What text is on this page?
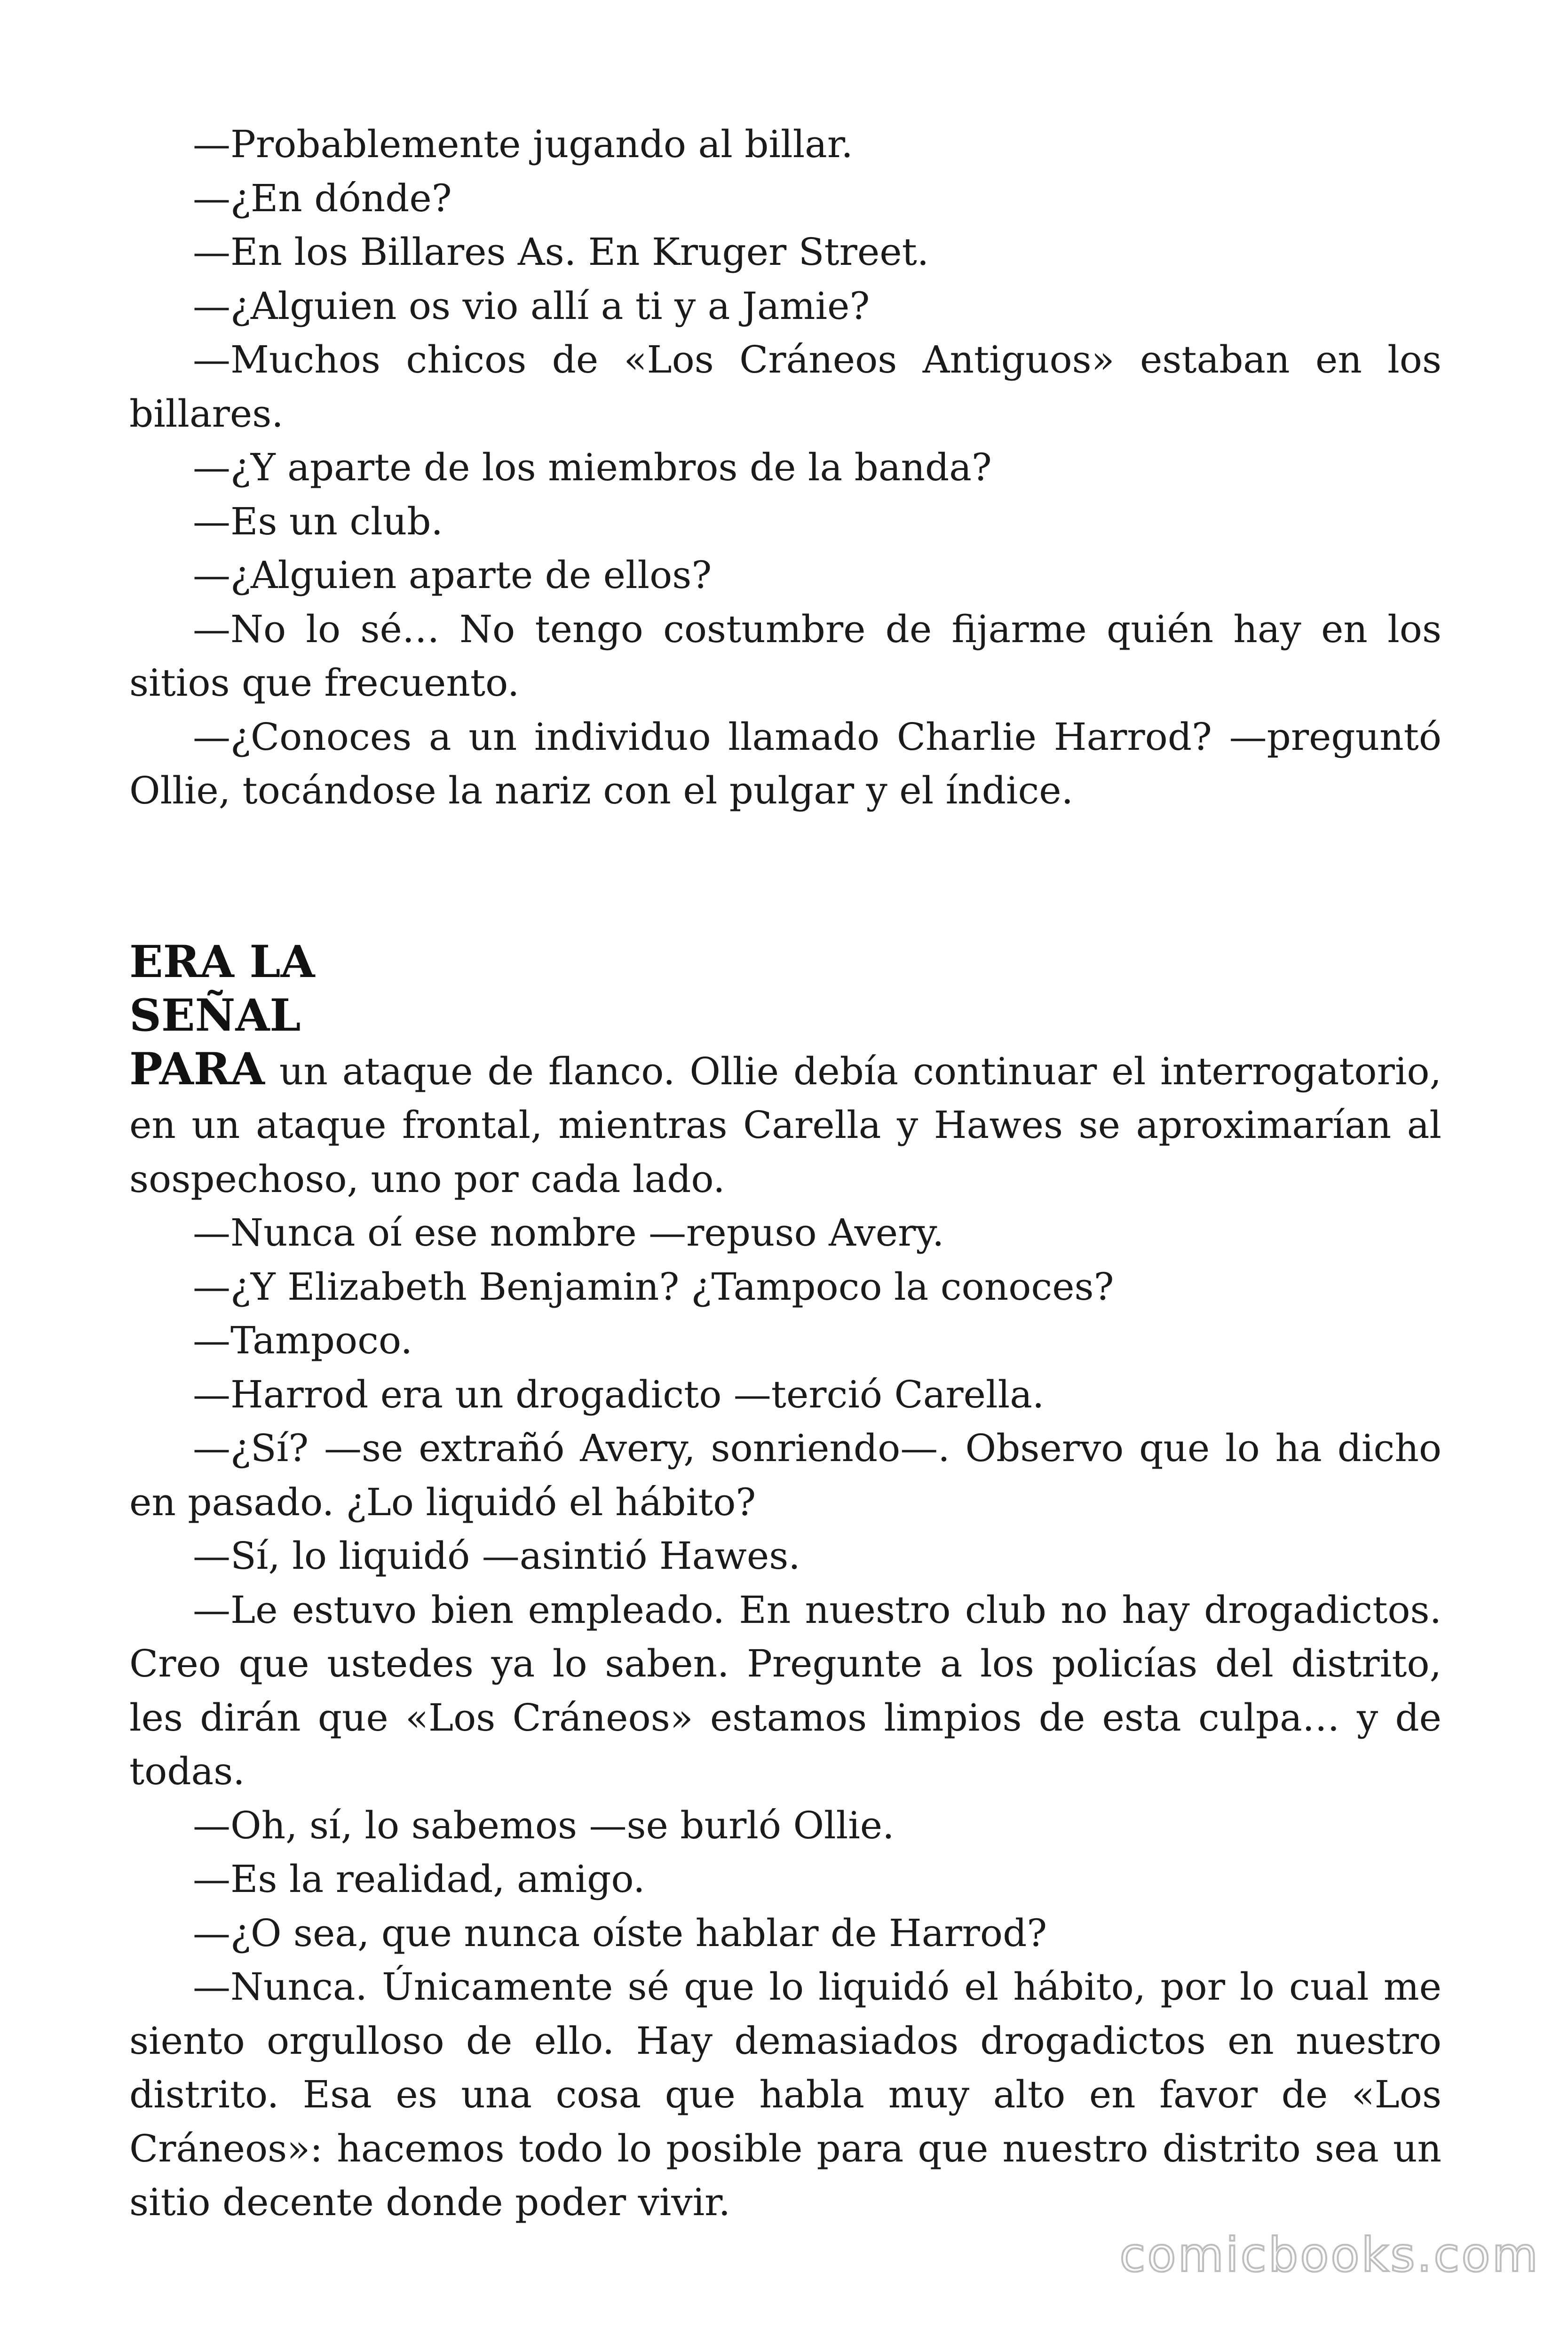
—Probablemente jugando al billar.

—¿En dónde?

—En los Billares As. En Kruger Street.

—¿Alguien os vio allí a ti y a Jamie?

—Muchos chicos de «Los Cráneos Antiguos» estaban en los billares.

—¿Y aparte de los miembros de la banda?

—Es un club.

—¿Alguien aparte de ellos?

—No lo sé… No tengo costumbre de fijarme quién hay en los sitios que frecuento.

—¿Conoces a un individuo llamado Charlie Harrod? —preguntó Ollie, tocándose la nariz con el pulgar y el índice.

ERA LA

SEÑAL

PARA un ataque de flanco. Ollie debía continuar el interrogatorio, en un ataque frontal, mientras Carella y Hawes se aproximarían al sospechoso, uno por cada lado.

—Nunca oí ese nombre —repuso Avery.

—¿Y Elizabeth Benjamin? ¿Tampoco la conoces?

—Tampoco.

—Harrod era un drogadicto —terció Carella.

—¿Sí? —se extrañó Avery, sonriendo—. Observo que lo ha dicho en pasado. ¿Lo liquidó el hábito?

—Sí, lo liquidó —asintió Hawes.

—Le estuvo bien empleado. En nuestro club no hay drogadictos. Creo que ustedes ya lo saben. Pregunte a los policías del distrito, les dirán que «Los Cráneos» estamos limpios de esta culpa… y de todas.

—Oh, sí, lo sabemos —se burló Ollie.

—Es la realidad, amigo.

—¿O sea, que nunca oíste hablar de Harrod?

—Nunca. Únicamente sé que lo liquidó el hábito, por lo cual me siento orgulloso de ello. Hay demasiados drogadictos en nuestro distrito. Esa es una cosa que habla muy alto en favor de «Los Cráneos»: hacemos todo lo posible para que nuestro distrito sea un sitio decente donde poder vivir.

comicbooks.com
